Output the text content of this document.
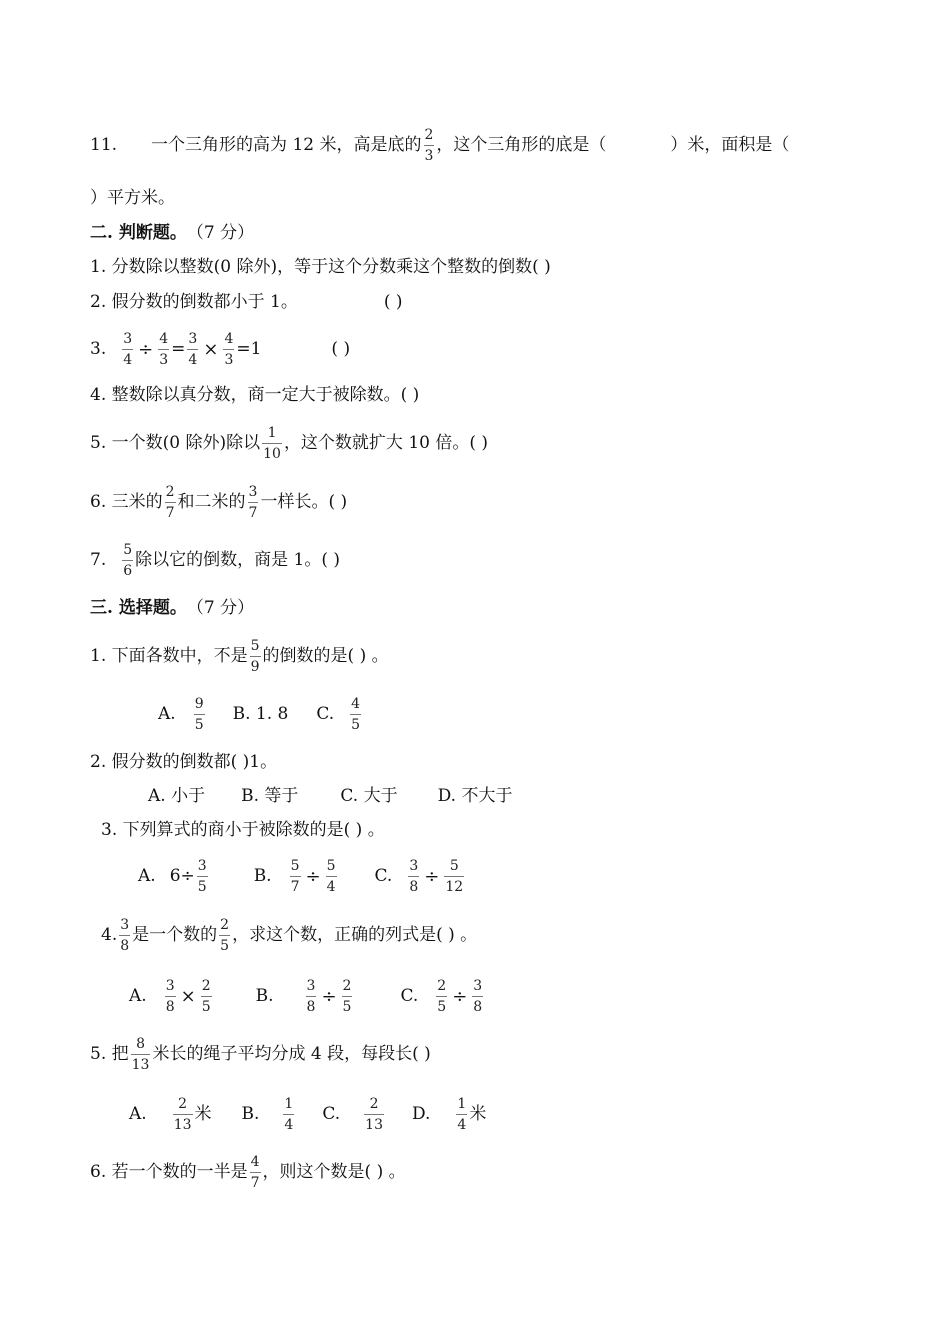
11. 一个三角形的高为 12 米，高是底的 $\frac{2}{3}$ ，这个三角形的底是（	）米，面积是（
）平方米。
二. 判断题。 （7 分）
1. 分数除以整数(0 除外)，等于这个分数乘这个整数的倒数( )
2. 假分数的倒数都小于 1。	( )
3. $\frac{3}{4} \div \frac{4}{3} = \frac{3}{4} \times \frac{4}{3} =1$	( )
4. 整数除以真分数，商一定大于被除数。( )
5. 一个数(0 除外)除以 $\frac{1}{10}$ ，这个数就扩大 10 倍。( )
6. 三米的 $\frac{2}{7}$ 和二米的 $\frac{3}{7}$ 一样长。( )
7. $\frac{5}{6}$ 除以它的倒数，商是 1。( )
三. 选择题。 （7 分）
1. 下面各数中，不是 $\frac{5}{9}$ 的倒数的是( ) 。
A. $\frac{9}{5} B$. 1. 8 C. $\frac{4}{5}$
2. 假分数的倒数都( )1。
A. 小于 B. 等于 C. 大于 D. 不大于
3. 下列算式的商小于被除数的是( ) 。
A. $6 \div \frac{3}{5}$	B. $\frac{5}{7} \div \frac{5}{4} C$. $\frac{3}{8} \div \frac{5}{12}$
4. $\frac{3}{8}$ 是一个数的 $\frac{2}{5}$ ，求这个数，正确的列式是( ) 。
A. $\frac{3}{8} \times \frac{2}{5}$	B. $\frac{3}{8} \div \frac{2}{5}$	C. $\frac{2}{5} \div \frac{3}{8}$
5. 把 $\frac{8}{13}$ 米长的绳子平均分成 4 段，每段长( )
A. $\frac{2}{13}$ 米 B. $\frac{1}{4} C$. $\frac{2}{13} D$. $\frac{1}{4}$ 米
6. 若一个数的一半是 $\frac{4}{7}$ ，则这个数是( ) 。
